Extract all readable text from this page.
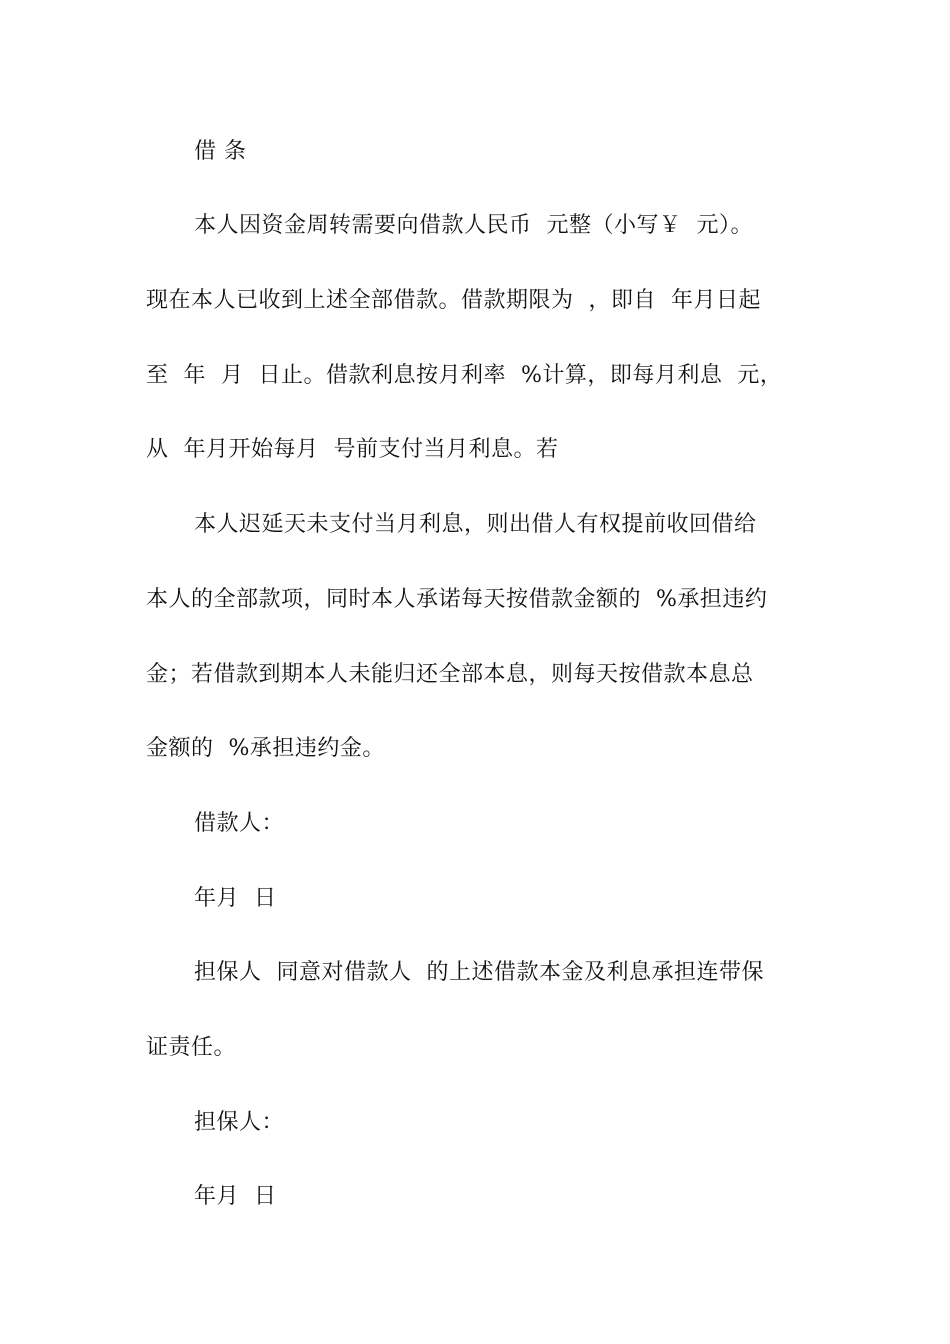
借 条
本人因资金周转需要向借款人民币  元整（小写￥  元）。
现在本人已收到上述全部借款。借款期限为  ，即自  年月日起
至  年  月  日止。借款利息按月利率  %计算，即每月利息  元，
从  年月开始每月  号前支付当月利息。若
本人迟延天未支付当月利息，则出借人有权提前收回借给
本人的全部款项，同时本人承诺每天按借款金额的  %承担违约
金；若借款到期本人未能归还全部本息，则每天按借款本息总
金额的  %承担违约金。
借款人：
年月  日
担保人  同意对借款人  的上述借款本金及利息承担连带保
证责任。
担保人：
年月  日
